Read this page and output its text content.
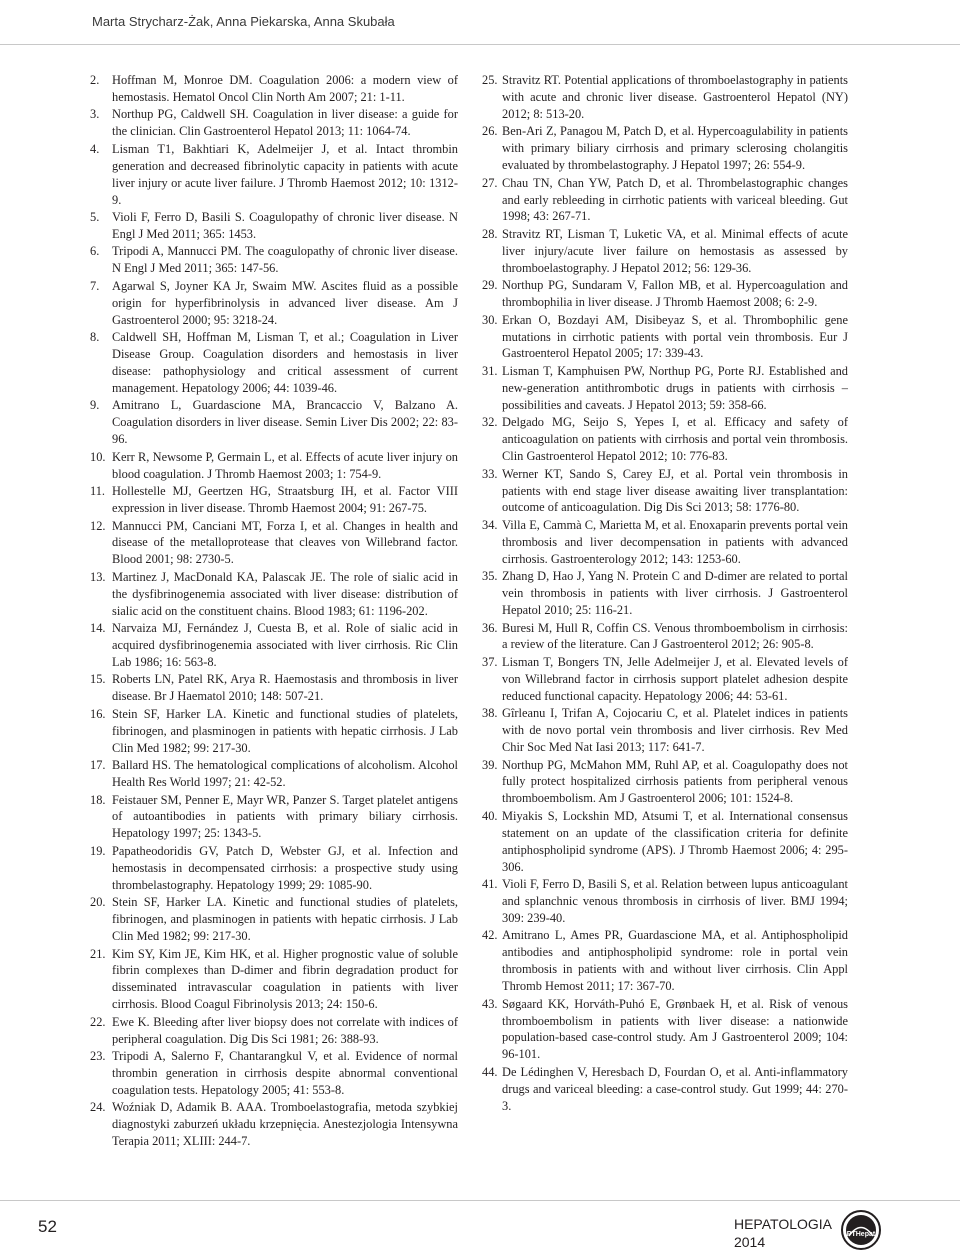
Marta Strycharz-Żak, Anna Piekarska, Anna Skubała

2. Hoffman M, Monroe DM. Coagulation 2006: a modern view of hemostasis. Hematol Oncol Clin North Am 2007; 21: 1-11.

3. Northup PG, Caldwell SH. Coagulation in liver disease: a guide for the clinician. Clin Gastroenterol Hepatol 2013; 11: 1064-74.

4. Lisman T1, Bakhtiari K, Adelmeijer J, et al. Intact thrombin generation and decreased fibrinolytic capacity in patients with acute liver injury or acute liver failure. J Thromb Haemost 2012; 10: 1312-9.

5. Violi F, Ferro D, Basili S. Coagulopathy of chronic liver disease. N Engl J Med 2011; 365: 1453.

6. Tripodi A, Mannucci PM. The coagulopathy of chronic liver disease. N Engl J Med 2011; 365: 147-56.

7. Agarwal S, Joyner KA Jr, Swaim MW. Ascites fluid as a possible origin for hyperfibrinolysis in advanced liver disease. Am J Gastroenterol 2000; 95: 3218-24.

8. Caldwell SH, Hoffman M, Lisman T, et al.; Coagulation in Liver Disease Group. Coagulation disorders and hemostasis in liver disease: pathophysiology and critical assessment of current management. Hepatology 2006; 44: 1039-46.

9. Amitrano L, Guardascione MA, Brancaccio V, Balzano A. Coagulation disorders in liver disease. Semin Liver Dis 2002; 22: 83-96.

10. Kerr R, Newsome P, Germain L, et al. Effects of acute liver injury on blood coagulation. J Thromb Haemost 2003; 1: 754-9.

11. Hollestelle MJ, Geertzen HG, Straatsburg IH, et al. Factor VIII expression in liver disease. Thromb Haemost 2004; 91: 267-75.

12. Mannucci PM, Canciani MT, Forza I, et al. Changes in health and disease of the metalloprotease that cleaves von Willebrand factor. Blood 2001; 98: 2730-5.

13. Martinez J, MacDonald KA, Palascak JE. The role of sialic acid in the dysfibrinogenemia associated with liver disease: distribution of sialic acid on the constituent chains. Blood 1983; 61: 1196-202.

14. Narvaiza MJ, Fernández J, Cuesta B, et al. Role of sialic acid in acquired dysfibrinogenemia associated with liver cirrhosis. Ric Clin Lab 1986; 16: 563-8.

15. Roberts LN, Patel RK, Arya R. Haemostasis and thrombosis in liver disease. Br J Haematol 2010; 148: 507-21.

16. Stein SF, Harker LA. Kinetic and functional studies of platelets, fibrinogen, and plasminogen in patients with hepatic cirrhosis. J Lab Clin Med 1982; 99: 217-30.

17. Ballard HS. The hematological complications of alcoholism. Alcohol Health Res World 1997; 21: 42-52.

18. Feistauer SM, Penner E, Mayr WR, Panzer S. Target platelet antigens of autoantibodies in patients with primary biliary cirrhosis. Hepatology 1997; 25: 1343-5.

19. Papatheodoridis GV, Patch D, Webster GJ, et al. Infection and hemostasis in decompensated cirrhosis: a prospective study using thrombelastography. Hepatology 1999; 29: 1085-90.

20. Stein SF, Harker LA. Kinetic and functional studies of platelets, fibrinogen, and plasminogen in patients with hepatic cirrhosis. J Lab Clin Med 1982; 99: 217-30.

21. Kim SY, Kim JE, Kim HK, et al. Higher prognostic value of soluble fibrin complexes than D-dimer and fibrin degradation product for disseminated intravascular coagulation in patients with liver cirrhosis. Blood Coagul Fibrinolysis 2013; 24: 150-6.

22. Ewe K. Bleeding after liver biopsy does not correlate with indices of peripheral coagulation. Dig Dis Sci 1981; 26: 388-93.

23. Tripodi A, Salerno F, Chantarangkul V, et al. Evidence of normal thrombin generation in cirrhosis despite abnormal conventional coagulation tests. Hepatology 2005; 41: 553-8.

24. Woźniak D, Adamik B. AAA. Tromboelastografia, metoda szybkiej diagnostyki zaburzeń układu krzepnięcia. Anestezjologia Intensywna Terapia 2011; XLIII: 244-7.

25. Stravitz RT. Potential applications of thromboelastography in patients with acute and chronic liver disease. Gastroenterol Hepatol (NY) 2012; 8: 513-20.

26. Ben-Ari Z, Panagou M, Patch D, et al. Hypercoagulability in patients with primary biliary cirrhosis and primary sclerosing cholangitis evaluated by thrombelastography. J Hepatol 1997; 26: 554-9.

27. Chau TN, Chan YW, Patch D, et al. Thrombelastographic changes and early rebleeding in cirrhotic patients with variceal bleeding. Gut 1998; 43: 267-71.

28. Stravitz RT, Lisman T, Luketic VA, et al. Minimal effects of acute liver injury/acute liver failure on hemostasis as assessed by thromboelastography. J Hepatol 2012; 56: 129-36.

29. Northup PG, Sundaram V, Fallon MB, et al. Hypercoagulation and thrombophilia in liver disease. J Thromb Haemost 2008; 6: 2-9.

30. Erkan O, Bozdayi AM, Disibeyaz S, et al. Thrombophilic gene mutations in cirrhotic patients with portal vein thrombosis. Eur J Gastroenterol Hepatol 2005; 17: 339-43.

31. Lisman T, Kamphuisen PW, Northup PG, Porte RJ. Established and new-generation antithrombotic drugs in patients with cirrhosis – possibilities and caveats. J Hepatol 2013; 59: 358-66.

32. Delgado MG, Seijo S, Yepes I, et al. Efficacy and safety of anticoagulation on patients with cirrhosis and portal vein thrombosis. Clin Gastroenterol Hepatol 2012; 10: 776-83.

33. Werner KT, Sando S, Carey EJ, et al. Portal vein thrombosis in patients with end stage liver disease awaiting liver transplantation: outcome of anticoagulation. Dig Dis Sci 2013; 58: 1776-80.

34. Villa E, Cammà C, Marietta M, et al. Enoxaparin prevents portal vein thrombosis and liver decompensation in patients with advanced cirrhosis. Gastroenterology 2012; 143: 1253-60.

35. Zhang D, Hao J, Yang N. Protein C and D-dimer are related to portal vein thrombosis in patients with liver cirrhosis. J Gastroenterol Hepatol 2010; 25: 116-21.

36. Buresi M, Hull R, Coffin CS. Venous thromboembolism in cirrhosis: a review of the literature. Can J Gastroenterol 2012; 26: 905-8.

37. Lisman T, Bongers TN, Jelle Adelmeijer J, et al. Elevated levels of von Willebrand factor in cirrhosis support platelet adhesion despite reduced functional capacity. Hepatology 2006; 44: 53-61.

38. Gîrleanu I, Trifan A, Cojocariu C, et al. Platelet indices in patients with de novo portal vein thrombosis and liver cirrhosis. Rev Med Chir Soc Med Nat Iasi 2013; 117: 641-7.

39. Northup PG, McMahon MM, Ruhl AP, et al. Coagulopathy does not fully protect hospitalized cirrhosis patients from peripheral venous thromboembolism. Am J Gastroenterol 2006; 101: 1524-8.

40. Miyakis S, Lockshin MD, Atsumi T, et al. International consensus statement on an update of the classification criteria for definite antiphospholipid syndrome (APS). J Thromb Haemost 2006; 4: 295-306.

41. Violi F, Ferro D, Basili S, et al. Relation between lupus anticoagulant and splanchnic venous thrombosis in cirrhosis of liver. BMJ 1994; 309: 239-40.

42. Amitrano L, Ames PR, Guardascione MA, et al. Antiphospholipid antibodies and antiphospholipid syndrome: role in portal vein thrombosis in patients with and without liver cirrhosis. Clin Appl Thromb Hemost 2011; 17: 367-70.

43. Søgaard KK, Horváth-Puhó E, Grønbaek H, et al. Risk of venous thromboembolism in patients with liver disease: a nationwide population-based case-control study. Am J Gastroenterol 2009; 104: 96-101.

44. De Lédinghen V, Heresbach D, Fourdan O, et al. Anti-inflammatory drugs and variceal bleeding: a case-control study. Gut 1999; 44: 270-3.

52	HEPATOLOGIA
2014	PTHepat
